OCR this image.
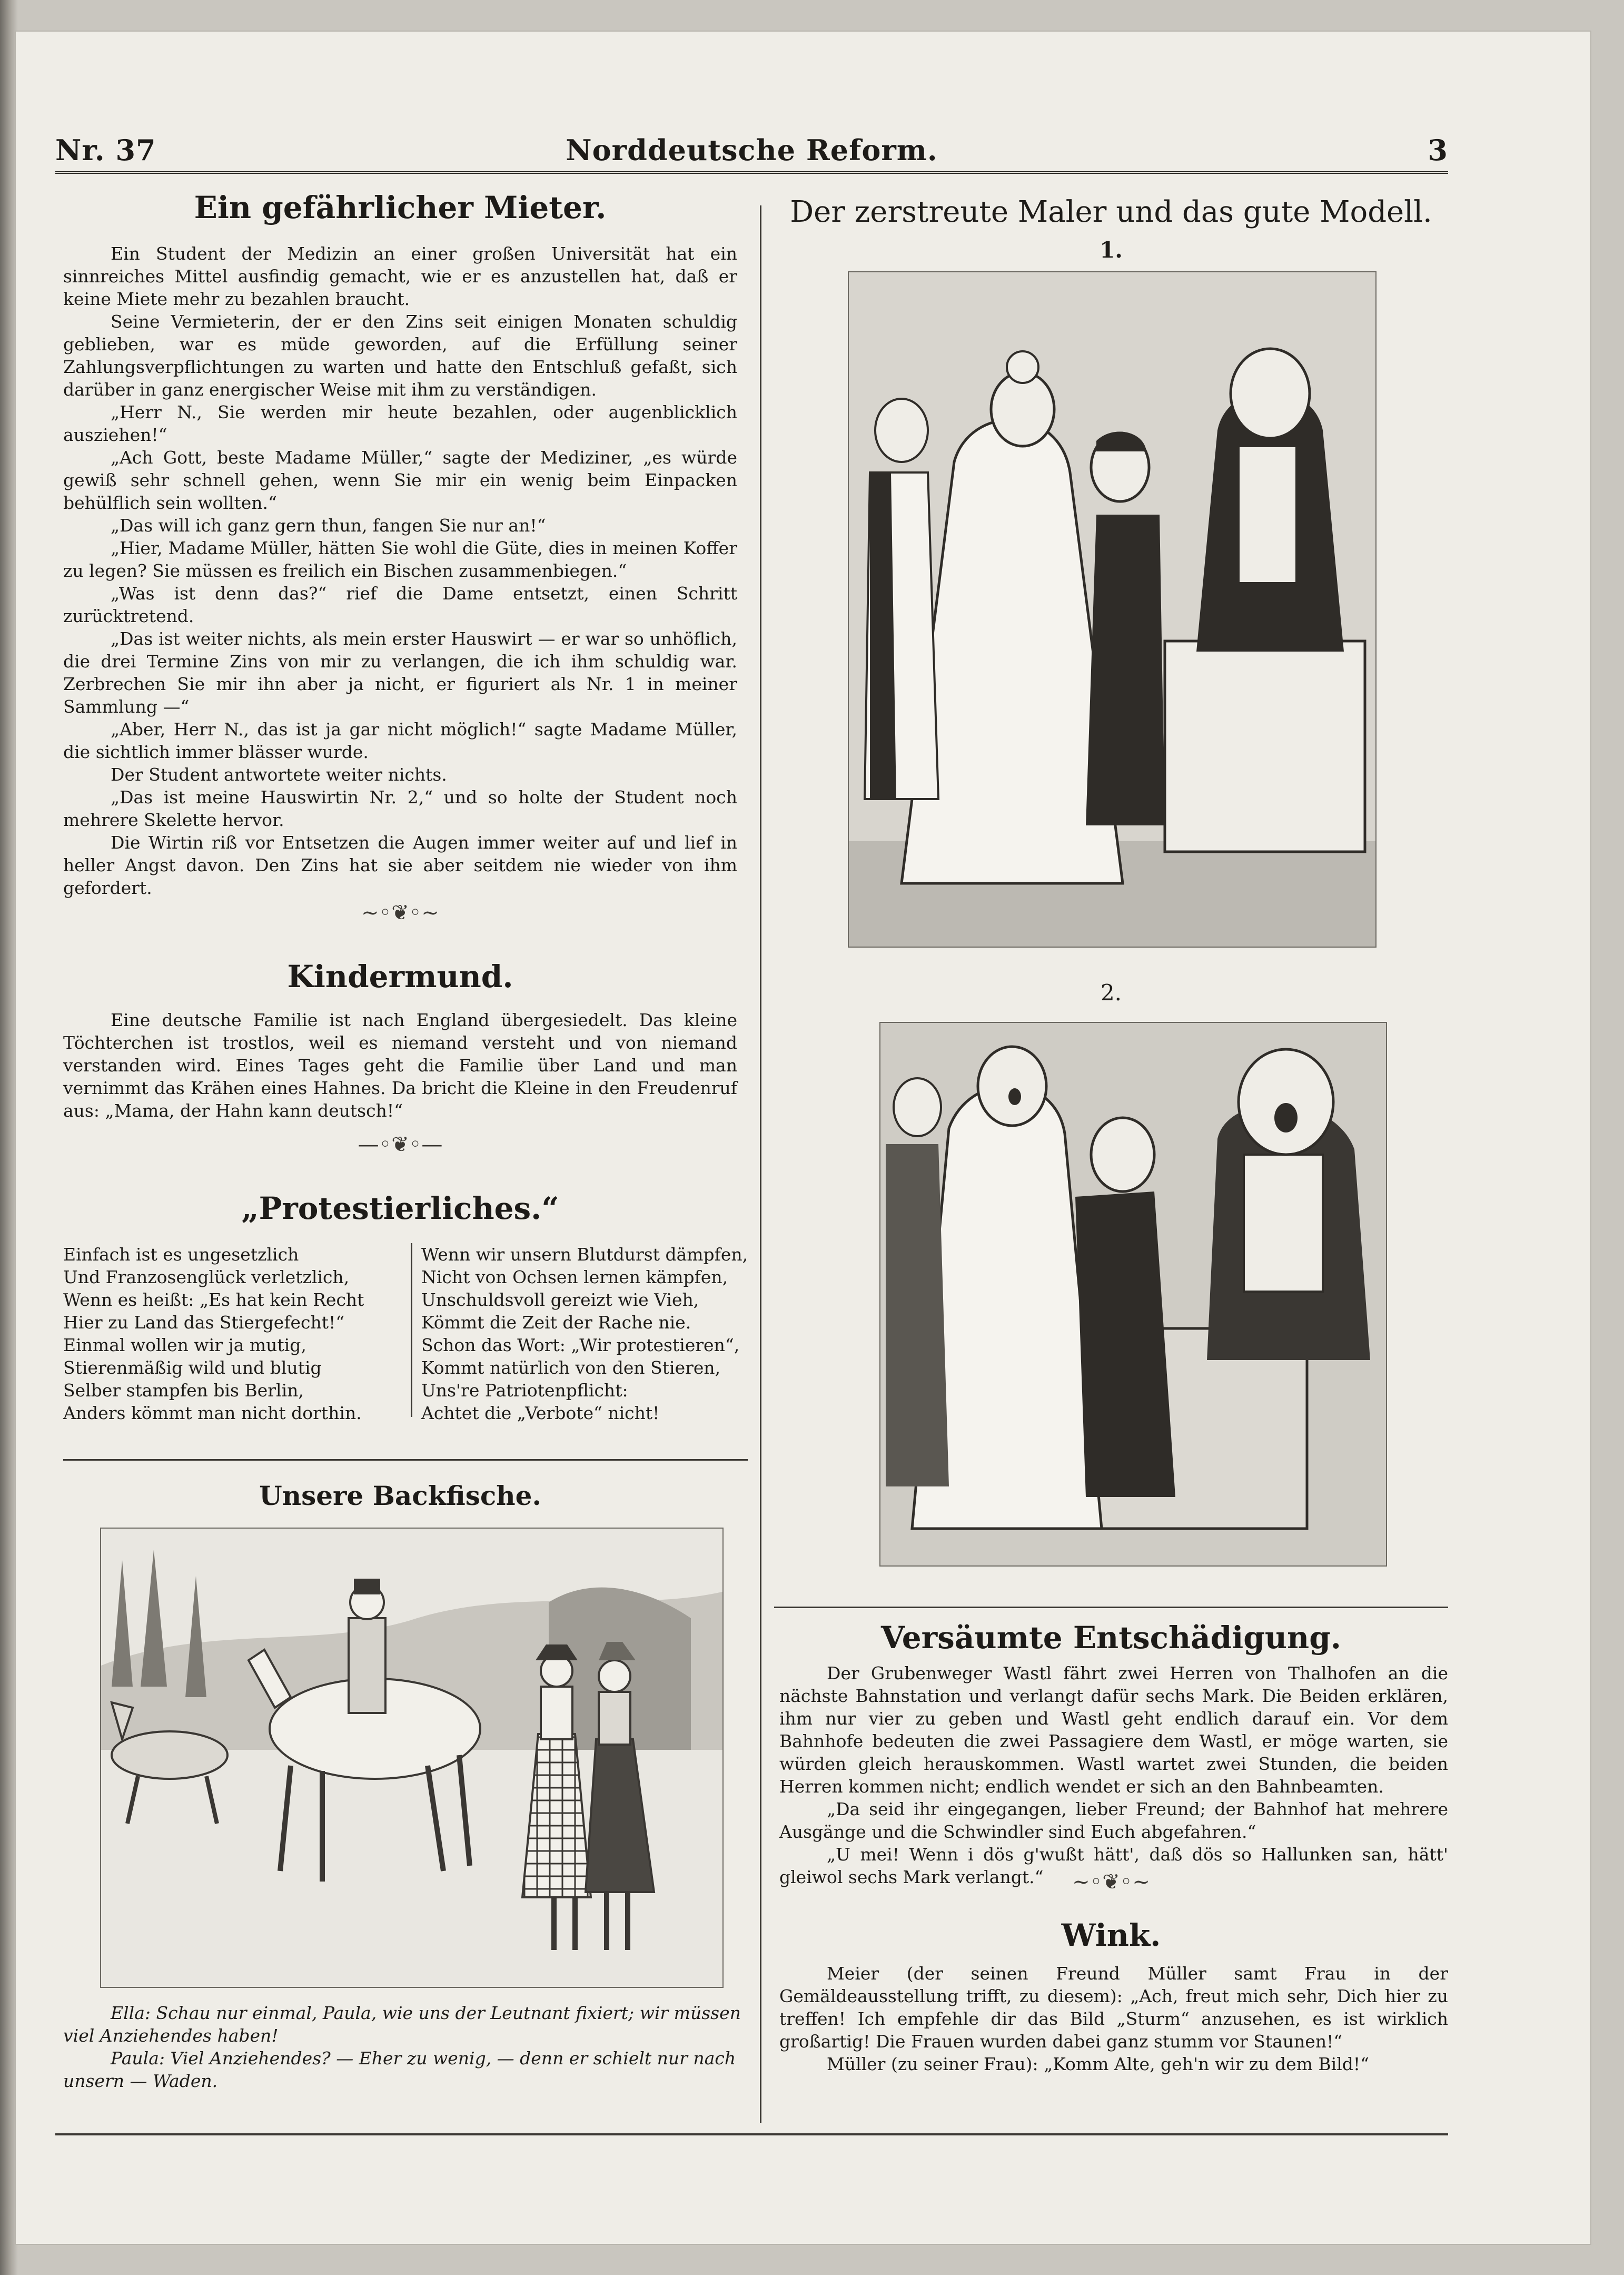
Nr. 37	Norddeutsche Reform.	3
Ein gefährlicher Mieter.

Ein Student der Medizin an einer großen Universität hat ein sinnreiches Mittel ausfindig gemacht, wie er es anzustellen hat, daß er keine Miete mehr zu bezahlen braucht.

Seine Vermieterin, der er den Zins seit einigen Monaten schuldig geblieben, war es müde geworden, auf die Erfüllung seiner Zahlungsverpflichtungen zu warten und hatte den Entschluß gefaßt, sich darüber in ganz energischer Weise mit ihm zu verständigen.

„Herr N., Sie werden mir heute bezahlen, oder augenblicklich ausziehen!“

„Ach Gott, beste Madame Müller,“ sagte der Mediziner, „es würde gewiß sehr schnell gehen, wenn Sie mir ein wenig beim Einpacken behülflich sein wollten.“

„Das will ich ganz gern thun, fangen Sie nur an!“

„Hier, Madame Müller, hätten Sie wohl die Güte, dies in meinen Koffer zu legen? Sie müssen es freilich ein Bischen zusammenbiegen.“

„Was ist denn das?“ rief die Dame entsetzt, einen Schritt zurücktretend.

„Das ist weiter nichts, als mein erster Hauswirt — er war so unhöflich, die drei Termine Zins von mir zu verlangen, die ich ihm schuldig war. Zerbrechen Sie mir ihn aber ja nicht, er figuriert als Nr. 1 in meiner Sammlung —“

„Aber, Herr N., das ist ja gar nicht möglich!“ sagte Madame Müller, die sichtlich immer blässer wurde.

Der Student antwortete weiter nichts.

„Das ist meine Hauswirtin Nr. 2,“ und so holte der Student noch mehrere Skelette hervor.

Die Wirtin riß vor Entsetzen die Augen immer weiter auf und lief in heller Angst davon. Den Zins hat sie aber seitdem nie wieder von ihm gefordert.

~◦❦◦~
Kindermund.

Eine deutsche Familie ist nach England übergesiedelt. Das kleine Töchterchen ist trostlos, weil es niemand versteht und von niemand verstanden wird. Eines Tages geht die Familie über Land und man vernimmt das Krähen eines Hahnes. Da bricht die Kleine in den Freudenruf aus: „Mama, der Hahn kann deutsch!“

—◦❦◦—
„Protestierliches.“
Einfach ist es ungesetzlich
Und Franzosenglück verletzlich,
Wenn es heißt: „Es hat kein Recht
Hier zu Land das Stiergefecht!“
Einmal wollen wir ja mutig,
Stierenmäßig wild und blutig
Selber stampfen bis Berlin,
Anders kömmt man nicht dorthin.
Wenn wir unsern Blutdurst dämpfen,
Nicht von Ochsen lernen kämpfen,
Unschuldsvoll gereizt wie Vieh,
Kömmt die Zeit der Rache nie.
Schon das Wort: „Wir protestieren“,
Kommt natürlich von den Stieren,
Uns're Patriotenpflicht:
Achtet die „Verbote“ nicht!
Unsere Backfische.

Ella: Schau nur einmal, Paula, wie uns der Leutnant fixiert; wir müssen viel Anziehendes haben!

Paula: Viel Anziehendes? — Eher zu wenig, — denn er schielt nur nach unsern — Waden.

Der zerstreute Maler und das gute Modell.
1.
2.
Versäumte Entschädigung.

Der Grubenweger Wastl fährt zwei Herren von Thalhofen an die nächste Bahnstation und verlangt dafür sechs Mark. Die Beiden erklären, ihm nur vier zu geben und Wastl geht endlich darauf ein. Vor dem Bahnhofe bedeuten die zwei Passagiere dem Wastl, er möge warten, sie würden gleich herauskommen. Wastl wartet zwei Stunden, die beiden Herren kommen nicht; endlich wendet er sich an den Bahnbeamten.

„Da seid ihr eingegangen, lieber Freund; der Bahnhof hat mehrere Ausgänge und die Schwindler sind Euch abgefahren.“

„U mei! Wenn i dös g'wußt hätt', daß dös so Hallunken san, hätt' gleiwol sechs Mark verlangt.“	~◦❦◦~
Wink.

Meier (der seinen Freund Müller samt Frau in der Gemäldeausstellung trifft, zu diesem): „Ach, freut mich sehr, Dich hier zu treffen! Ich empfehle dir das Bild „Sturm“ anzusehen, es ist wirklich großartig! Die Frauen wurden dabei ganz stumm vor Staunen!“

Müller (zu seiner Frau): „Komm Alte, geh'n wir zu dem Bild!“
